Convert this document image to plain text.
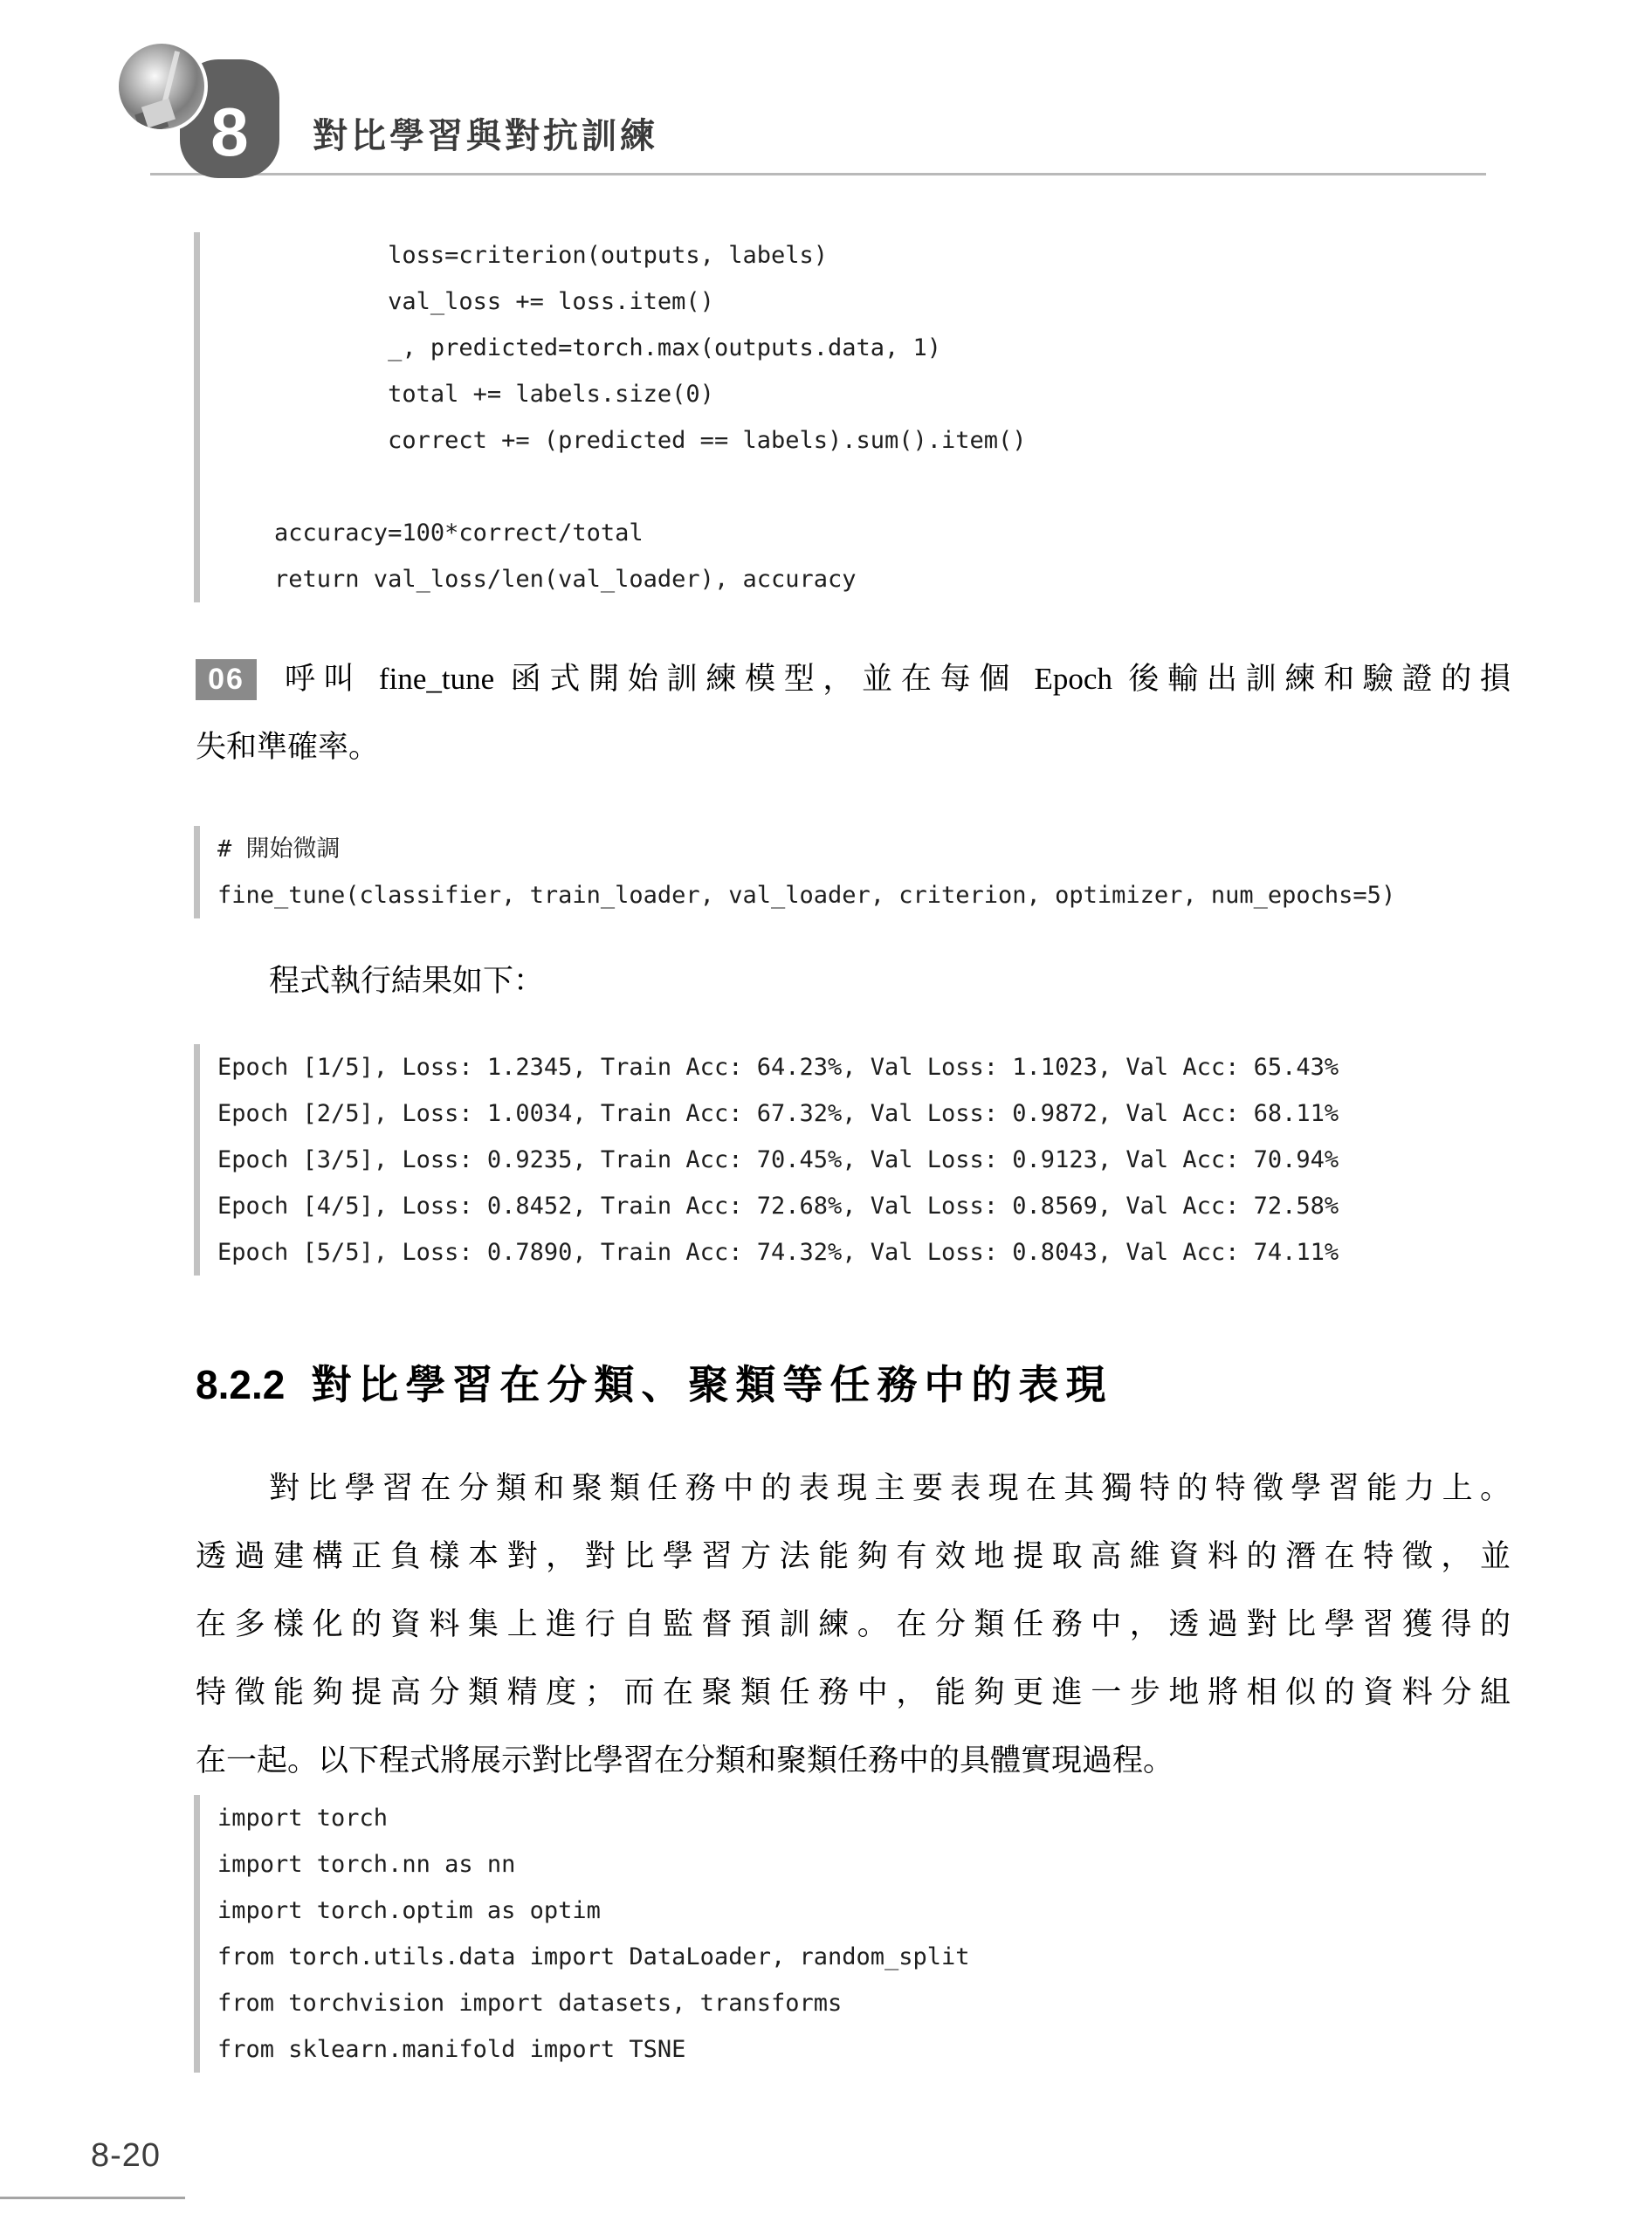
8 對比學習與對抗訓練
loss=criterion(outputs, labels)
val_loss += loss.item()
_, predicted=torch.max(outputs.data, 1)
total += labels.size(0)
correct += (predicted == labels).sum().item()
accuracy=100*correct/total
return val_loss/len(val_loader), accuracy
06	呼叫 fine_tune 函式開始訓練模型，並在每個 Epoch 後輸出訓練和驗證的損
失和準確率。
# 開始微調
fine_tune(classifier, train_loader, val_loader, criterion, optimizer, num_epochs=5)
程式執行結果如下：
Epoch [1/5], Loss: 1.2345, Train Acc: 64.23%, Val Loss: 1.1023, Val Acc: 65.43%
Epoch [2/5], Loss: 1.0034, Train Acc: 67.32%, Val Loss: 0.9872, Val Acc: 68.11%
Epoch [3/5], Loss: 0.9235, Train Acc: 70.45%, Val Loss: 0.9123, Val Acc: 70.94%
Epoch [4/5], Loss: 0.8452, Train Acc: 72.68%, Val Loss: 0.8569, Val Acc: 72.58%
Epoch [5/5], Loss: 0.7890, Train Acc: 74.32%, Val Loss: 0.8043, Val Acc: 74.11%
8.2.2 對比學習在分類、聚類等任務中的表現
對比學習在分類和聚類任務中的表現主要表現在其獨特的特徵學習能力上。
透過建構正負樣本對，對比學習方法能夠有效地提取高維資料的潛在特徵，並
在多樣化的資料集上進行自監督預訓練。在分類任務中，透過對比學習獲得的
特徵能夠提高分類精度；而在聚類任務中，能夠更進一步地將相似的資料分組
在一起。以下程式將展示對比學習在分類和聚類任務中的具體實現過程。
import torch
import torch.nn as nn
import torch.optim as optim
from torch.utils.data import DataLoader, random_split
from torchvision import datasets, transforms
from sklearn.manifold import TSNE
8-20
